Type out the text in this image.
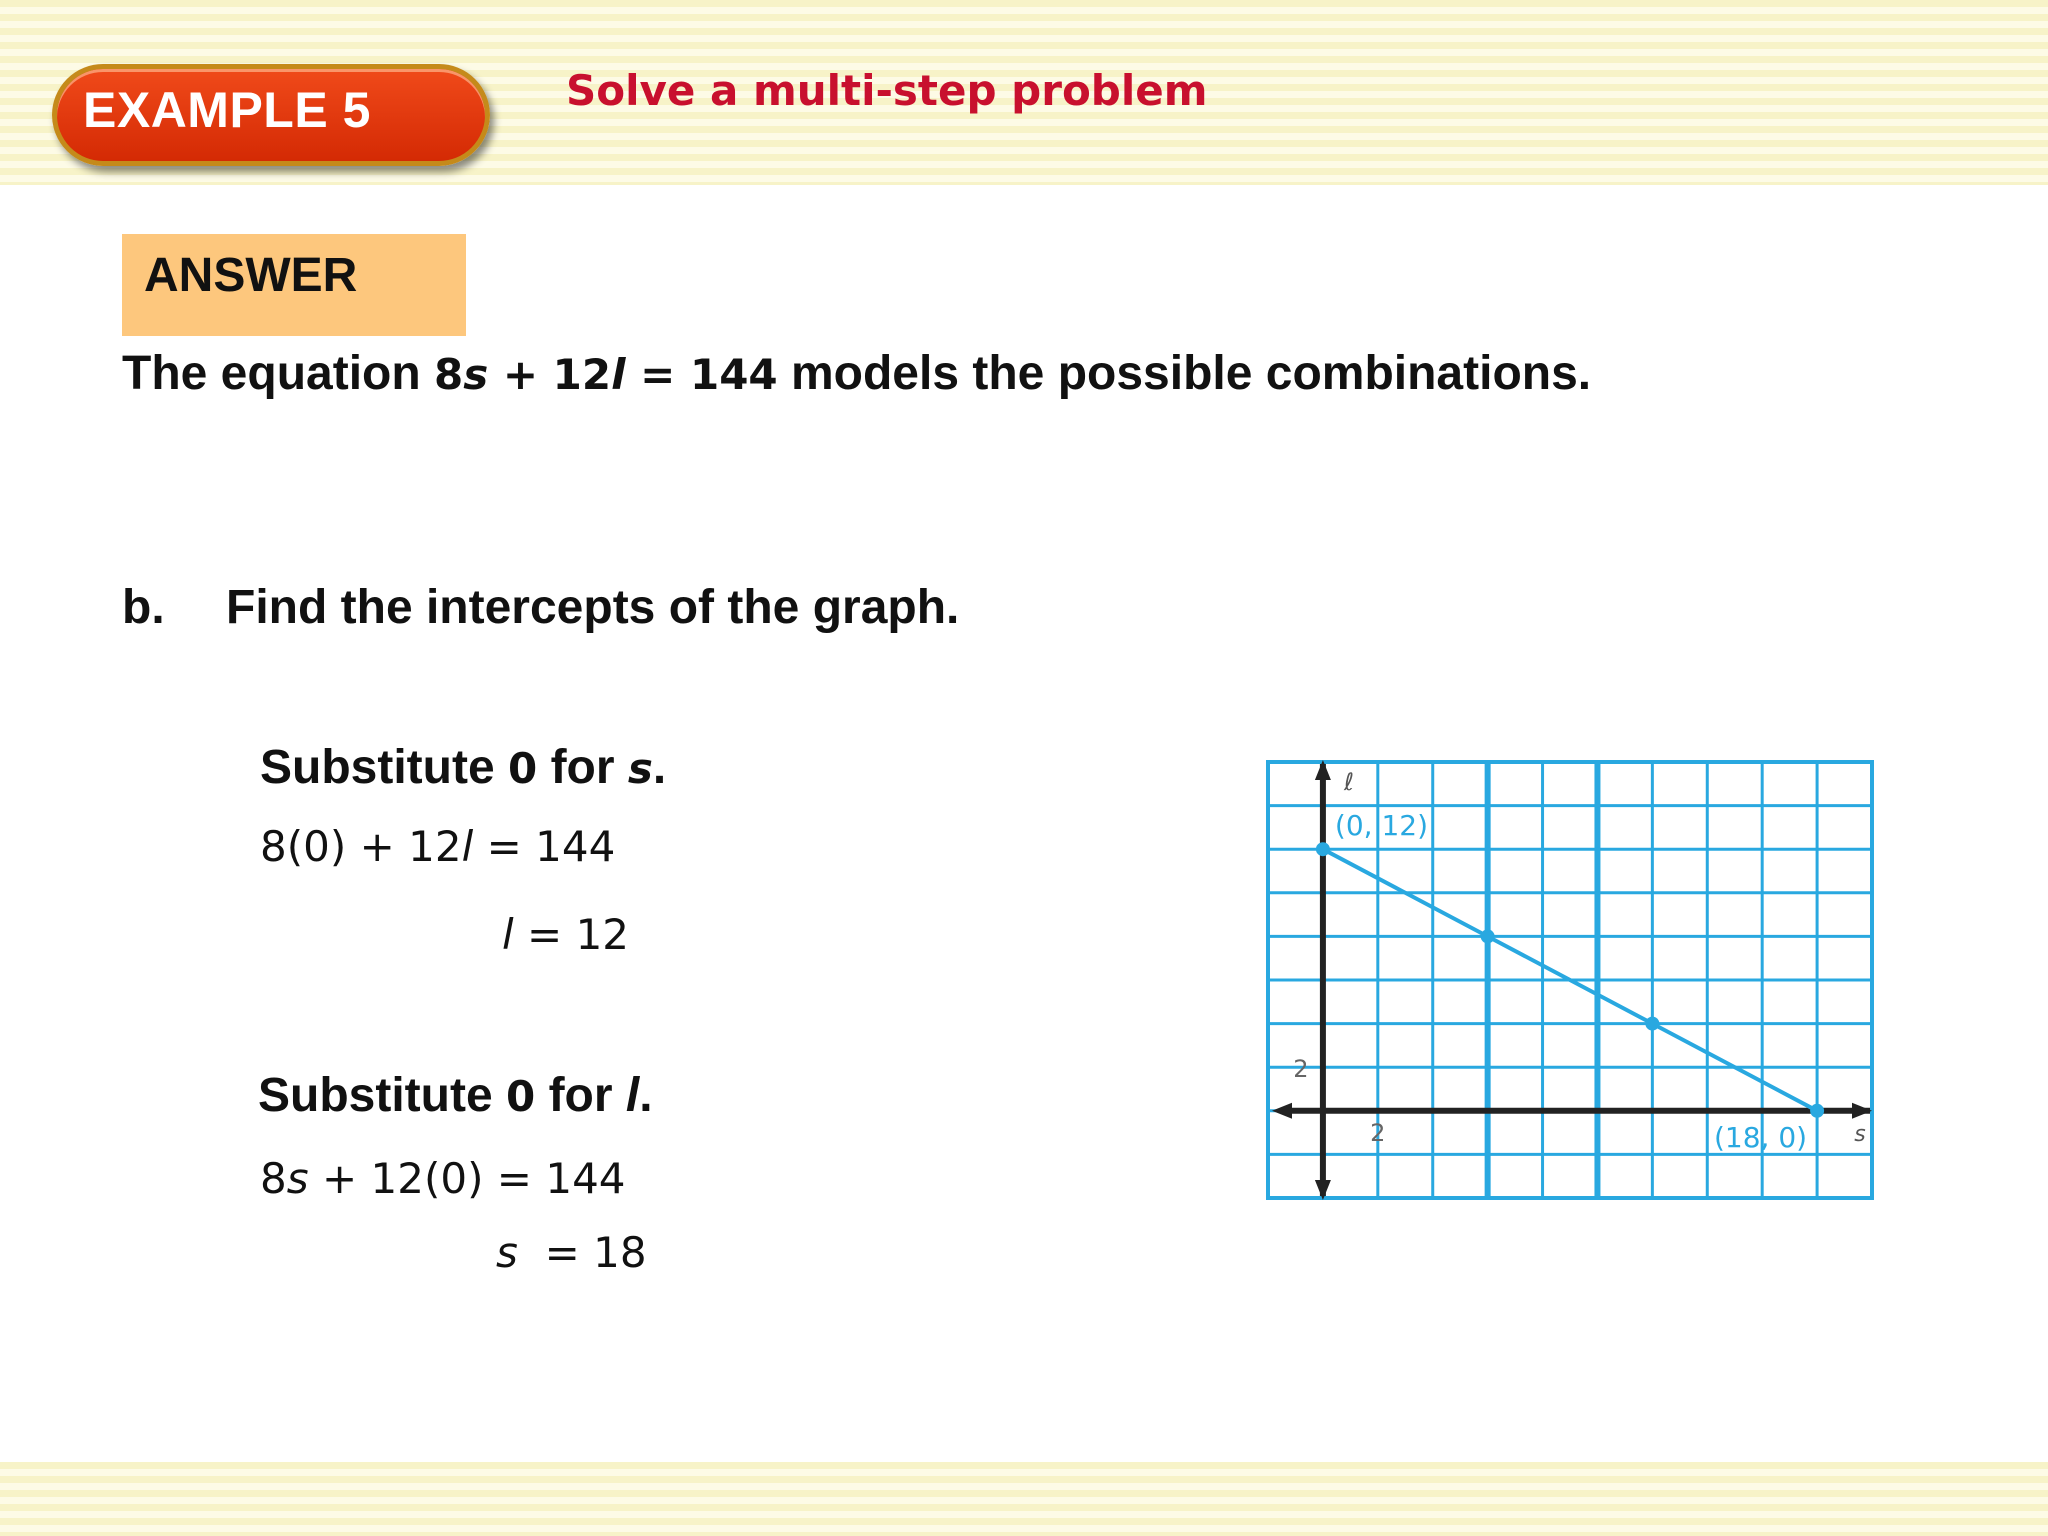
EXAMPLE 5	Solve a multi-step problem
ANSWER
The equation 8s + 12l = 144 models the possible combinations.
b. Find the intercepts of the graph.
Substitute 0 for s.
8(0) + 12l = 144
l = 12
Substitute 0 for l.
8s + 12(0) = 144
s  = 18
ℓ
s
2
2
(0, 12)
(18, 0)
